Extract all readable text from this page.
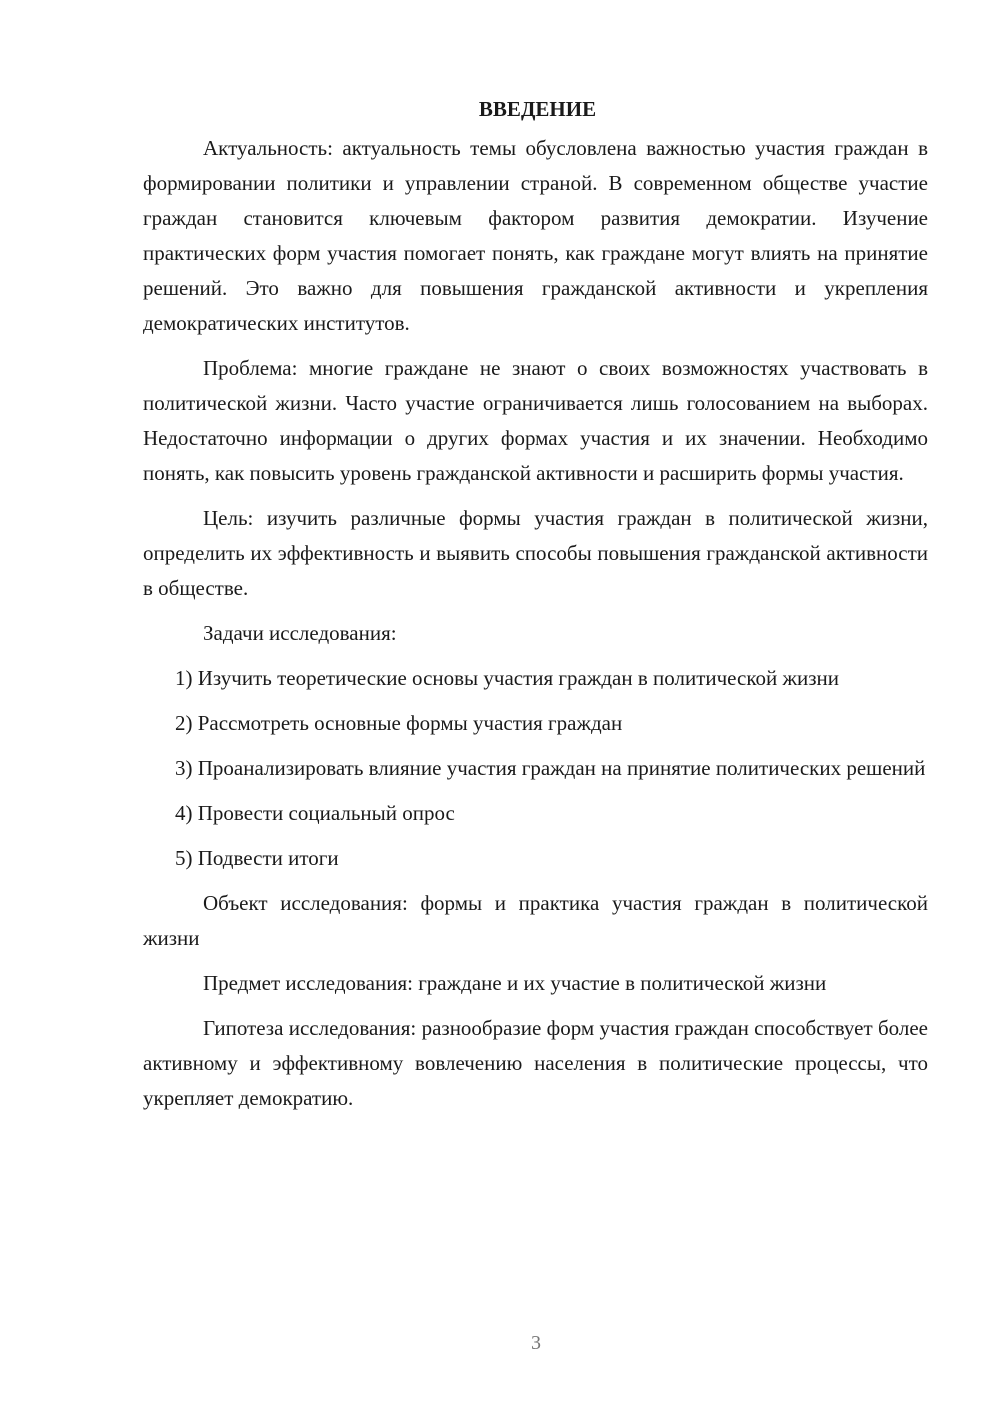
ВВЕДЕНИЕ

Актуальность: актуальность темы обусловлена важностью участия граждан в формировании политики и управлении страной. В современном обществе участие граждан становится ключевым фактором развития демократии. Изучение практических форм участия помогает понять, как граждане могут влиять на принятие решений. Это важно для повышения гражданской активности и укрепления демократических институтов.

Проблема: многие граждане не знают о своих возможностях участвовать в политической жизни. Часто участие ограничивается лишь голосованием на выборах. Недостаточно информации о других формах участия и их значении. Необходимо понять, как повысить уровень гражданской активности и расширить формы участия.

Цель: изучить различные формы участия граждан в политической жизни, определить их эффективность и выявить способы повышения гражданской активности в обществе.

Задачи исследования:

1) Изучить теоретические основы участия граждан в политической жизни

2) Рассмотреть основные формы участия граждан

3) Проанализировать влияние участия граждан на принятие политических решений

4) Провести социальный опрос

5) Подвести итоги

Объект исследования: формы и практика участия граждан в политической жизни

Предмет исследования: граждане и их участие в политической жизни

Гипотеза исследования: разнообразие форм участия граждан способствует более активному и эффективному вовлечению населения в политические процессы, что укрепляет демократию.

3
